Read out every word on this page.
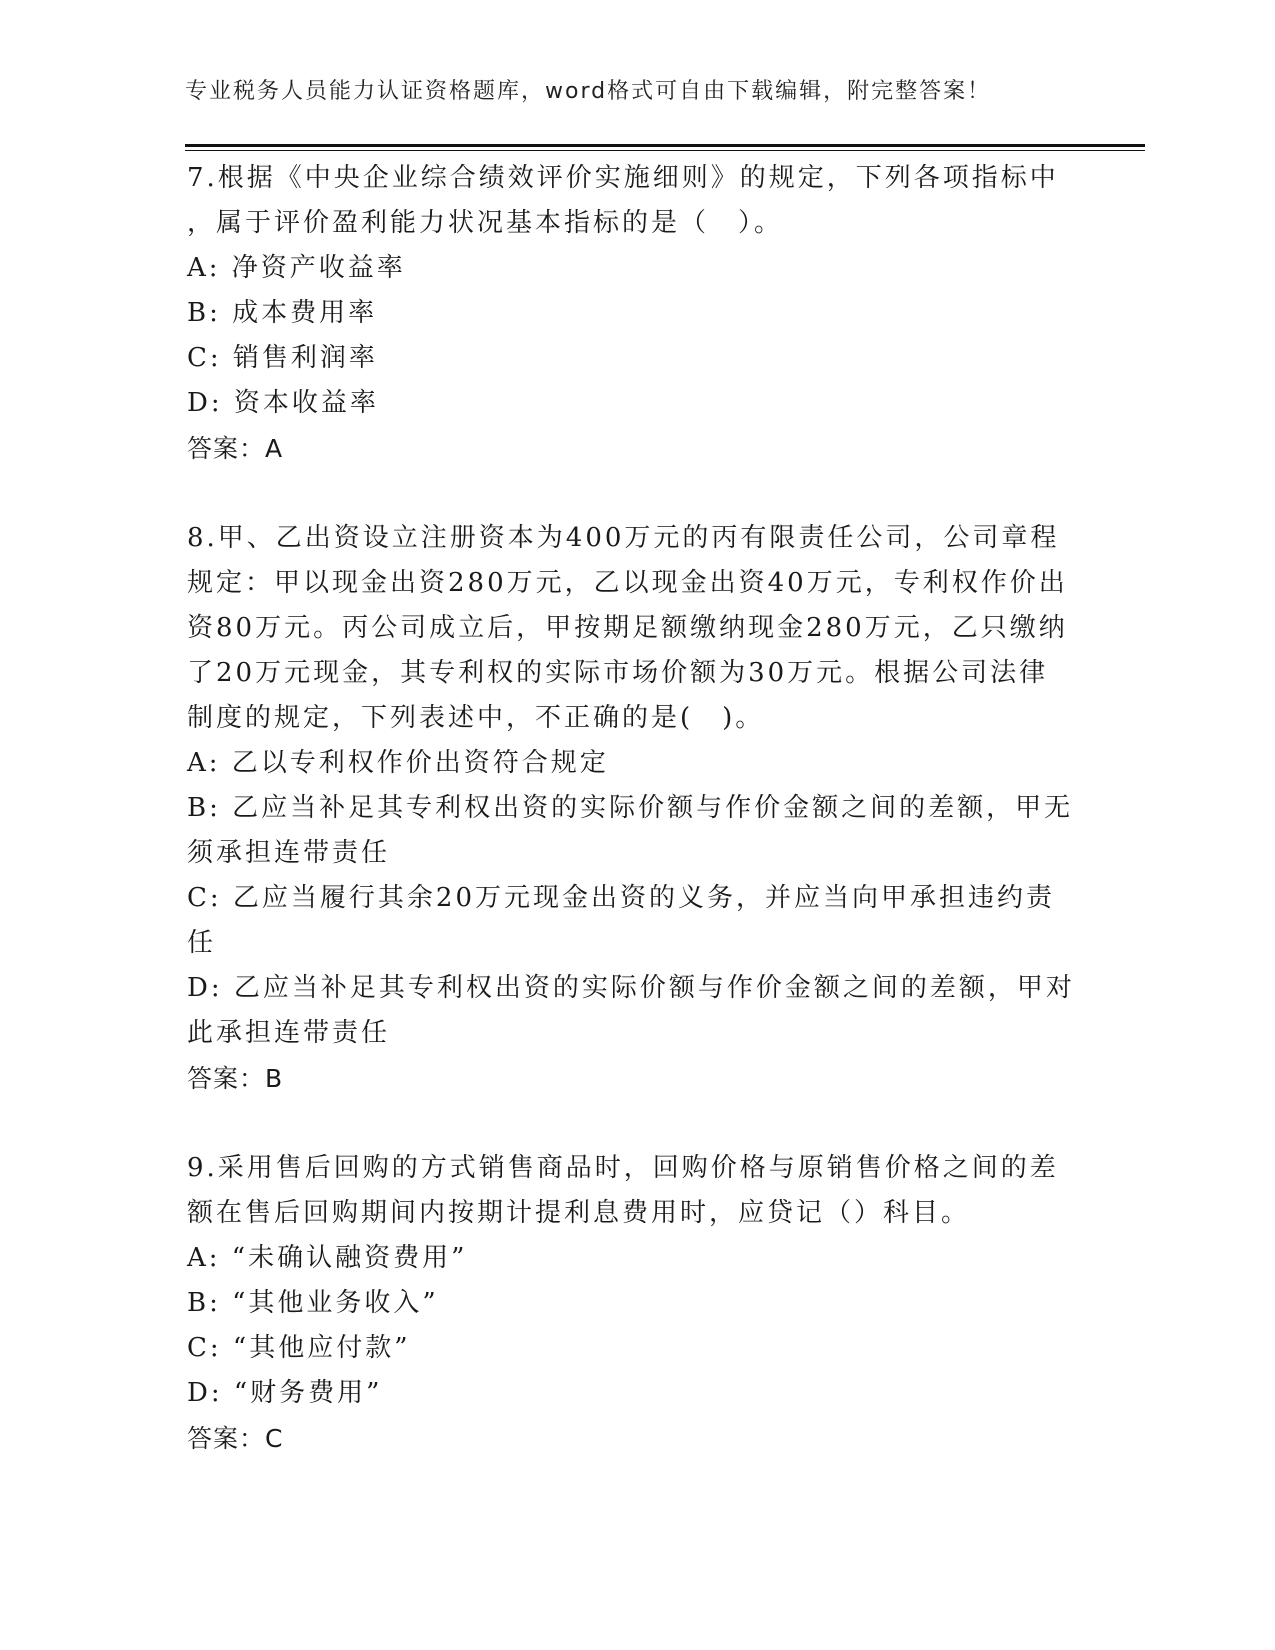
专业税务人员能力认证资格题库，word格式可自由下载编辑，附完整答案！
7.根据《中央企业综合绩效评价实施细则》的规定，下列各项指标中
，属于评价盈利能力状况基本指标的是（　）。
A: 净资产收益率
B: 成本费用率
C: 销售利润率
D: 资本收益率
答案：A
8.甲、乙出资设立注册资本为400万元的丙有限责任公司，公司章程
规定：甲以现金出资280万元，乙以现金出资40万元，专利权作价出
资80万元。丙公司成立后，甲按期足额缴纳现金280万元，乙只缴纳
了20万元现金，其专利权的实际市场价额为30万元。根据公司法律
制度的规定，下列表述中，不正确的是(　)。
A: 乙以专利权作价出资符合规定
B: 乙应当补足其专利权出资的实际价额与作价金额之间的差额，甲无
须承担连带责任
C: 乙应当履行其余20万元现金出资的义务，并应当向甲承担违约责
任
D: 乙应当补足其专利权出资的实际价额与作价金额之间的差额，甲对
此承担连带责任
答案：B
9.采用售后回购的方式销售商品时，回购价格与原销售价格之间的差
额在售后回购期间内按期计提利息费用时，应贷记（）科目。
A: “未确认融资费用”
B: “其他业务收入”
C: “其他应付款”
D: “财务费用”
答案：C
